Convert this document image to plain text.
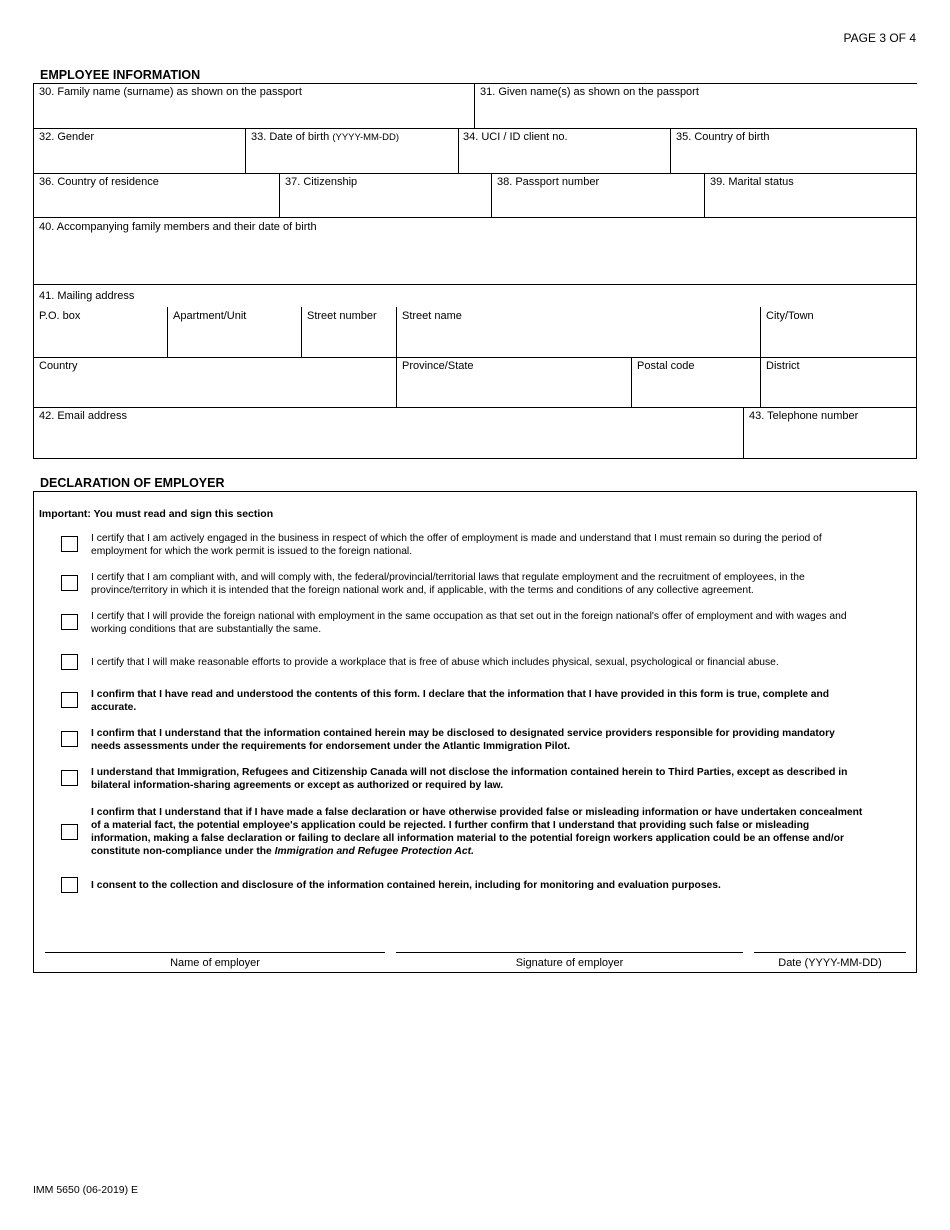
PAGE 3 OF 4
EMPLOYEE INFORMATION
30. Family name (surname) as shown on the passport	31. Given name(s) as shown on the passport
32. Gender	33. Date of birth (YYYY-MM-DD)	34. UCI / ID client no.	35. Country of birth
36. Country of residence	37. Citizenship	38. Passport number	39. Marital status
40. Accompanying family members and their date of birth
41. Mailing address
P.O. box	Apartment/Unit	Street number Street name	City/Town
Country	Province/State	Postal code	District
42. Email address	43. Telephone number
DECLARATION OF EMPLOYER
Important: You must read and sign this section
I certify that I am actively engaged in the business in respect of which the offer of employment is made and understand that I must remain so during the period of employment for which the work permit is issued to the foreign national.
I certify that I am compliant with, and will comply with, the federal/provincial/territorial laws that regulate employment and the recruitment of employees, in the province/territory in which it is intended that the foreign national work and, if applicable, with the terms and conditions of any collective agreement.
I certify that I will provide the foreign national with employment in the same occupation as that set out in the foreign national's offer of employment and with wages and working conditions that are substantially the same.
I certify that I will make reasonable efforts to provide a workplace that is free of abuse which includes physical, sexual, psychological or financial abuse.
I confirm that I have read and understood the contents of this form. I declare that the information that I have provided in this form is true, complete and accurate.
I confirm that I understand that the information contained herein may be disclosed to designated service providers responsible for providing mandatory needs assessments under the requirements for endorsement under the Atlantic Immigration Pilot.
I understand that Immigration, Refugees and Citizenship Canada will not disclose the information contained herein to Third Parties, except as described in bilateral information-sharing agreements or except as authorized or required by law.
I confirm that I understand that if I have made a false declaration or have otherwise provided false or misleading information or have undertaken concealment of a material fact, the potential employee's application could be rejected. I further confirm that I understand that providing such false or misleading information, making a false declaration or failing to declare all information material to the potential foreign workers application could be an offense and/or constitute non-compliance under the Immigration and Refugee Protection Act.
I consent to the collection and disclosure of the information contained herein, including for monitoring and evaluation purposes.
Name of employer	Signature of employer	Date (YYYY-MM-DD)
IMM 5650 (06-2019) E
